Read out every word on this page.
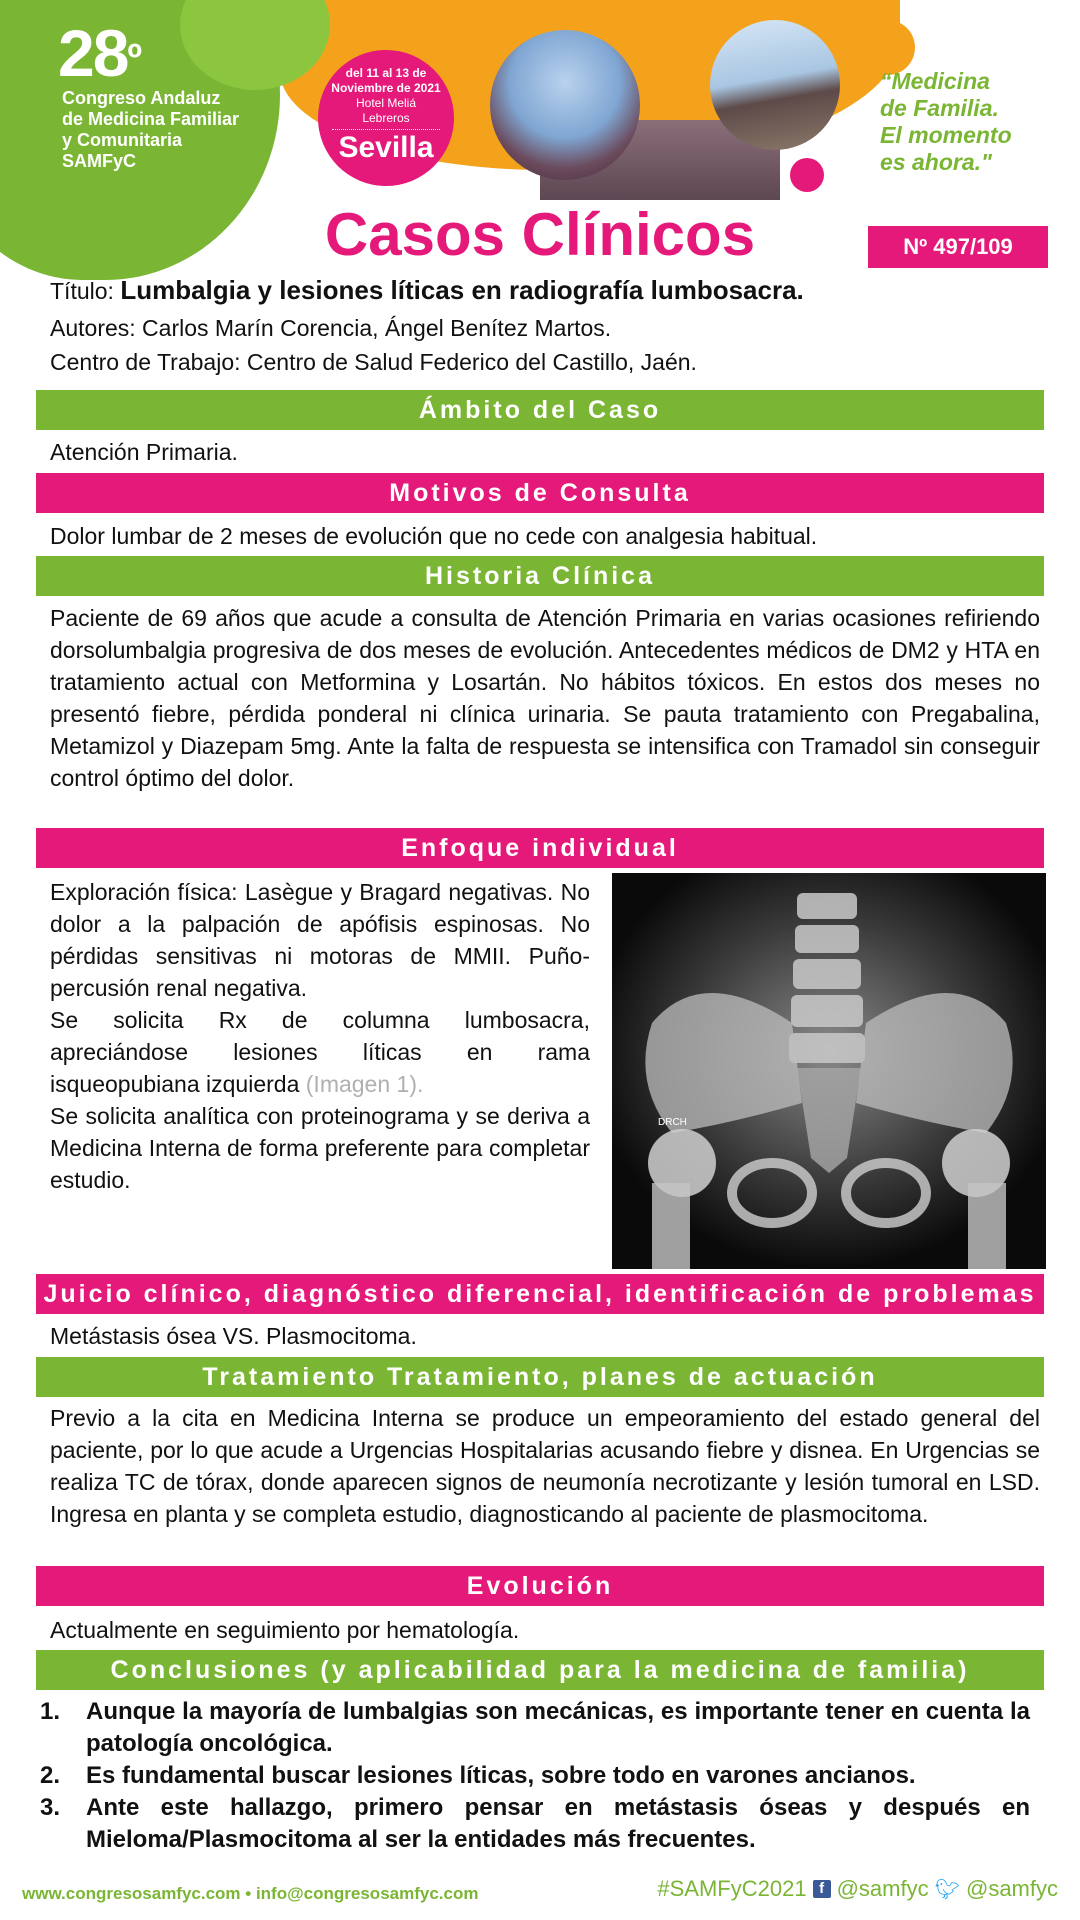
$28^º$
Congreso Andaluz
de Medicina Familiar
y Comunitaria
SAMFyC
del 11 al 13 de
Noviembre de 2021
Hotel Meliá Lebreros
Sevilla
“Medicina
de Familia.
El momento
es ahora."
Casos Clínicos	Nº 497/109
Título: Lumbalgia y lesiones líticas en radiografía lumbosacra.
Autores: Carlos Marín Corencia, Ángel Benítez Martos.
Centro de Trabajo: Centro de Salud Federico del Castillo, Jaén.
Ámbito del Caso
Atención Primaria.
Motivos de Consulta
Dolor lumbar de 2 meses de evolución que no cede con analgesia habitual.
Historia Clínica
Paciente de 69 años que acude a consulta de Atención Primaria en varias ocasiones refiriendo dorsolumbalgia progresiva de dos meses de evolución. Antecedentes médicos de DM2 y HTA en tratamiento actual con Metformina y Losartán. No hábitos tóxicos. En estos dos meses no presentó fiebre, pérdida ponderal ni clínica urinaria. Se pauta tratamiento con Pregabalina, Metamizol y Diazepam 5mg. Ante la falta de respuesta se intensifica con Tramadol sin conseguir control óptimo del dolor.
Enfoque individual
Exploración física: Lasègue y Bragard negativas. No dolor a la palpación de apófisis espinosas. No pérdidas sensitivas ni motoras de MMII. Puño-percusión renal negativa.
Se solicita Rx de columna lumbosacra, apreciándose lesiones líticas en rama isqueopubiana izquierda (Imagen 1).
Se solicita analítica con proteinograma y se deriva a Medicina Interna de forma preferente para completar estudio.
DRCH
Juicio clínico, diagnóstico diferencial, identificación de problemas
Metástasis ósea VS. Plasmocitoma.
Tratamiento Tratamiento, planes de actuación
Previo a la cita en Medicina Interna se produce un empeoramiento del estado general del paciente, por lo que acude a Urgencias Hospitalarias acusando fiebre y disnea. En Urgencias se realiza TC de tórax, donde aparecen signos de neumonía necrotizante y lesión tumoral en LSD. Ingresa en planta y se completa estudio, diagnosticando al paciente de plasmocitoma.
Evolución
Actualmente en seguimiento por hematología.
Conclusiones (y aplicabilidad para la medicina de familia)
1.	Aunque la mayoría de lumbalgias son mecánicas, es importante tener en cuenta la patología oncológica.
2.	Es fundamental buscar lesiones líticas, sobre todo en varones ancianos.
3.	Ante este hallazgo, primero pensar en metástasis óseas y después en Mieloma/Plasmocitoma al ser la entidades más frecuentes.
www.congresosamfyc.com • info@congresosamfyc.com	#SAMFyC2021 f @samfyc 🐦︎ @samfyc
